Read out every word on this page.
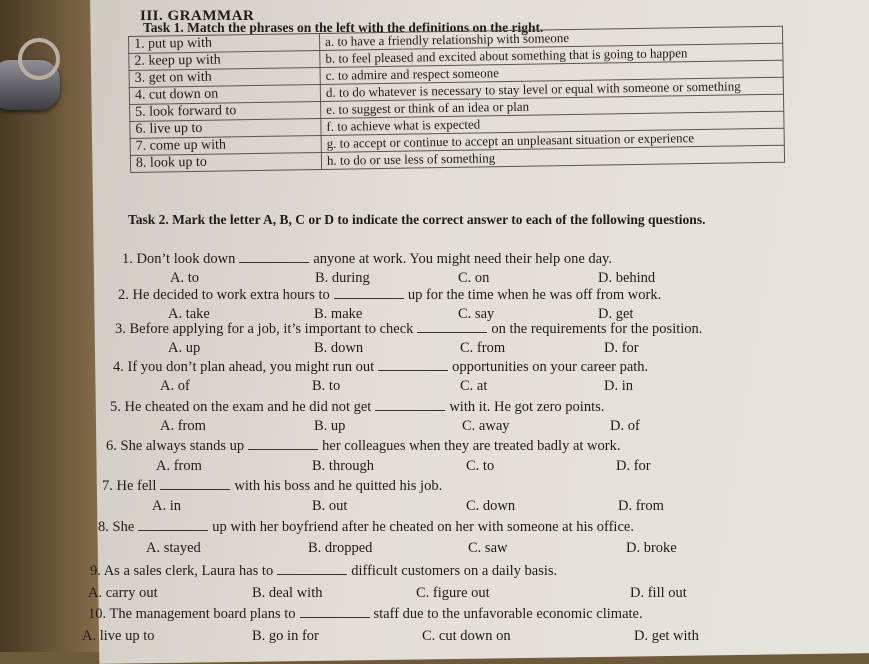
III. GRAMMAR
Task 1. Match the phrases on the left with the definitions on the right.
1. put up with	a. to have a friendly relationship with someone
2. keep up with	b. to feel pleased and excited about something that is going to happen
3. get on with	c. to admire and respect someone
4. cut down on	d. to do whatever is necessary to stay level or equal with someone or something
5. look forward to	e. to suggest or think of an idea or plan
6. live up to	f. to achieve what is expected
7. come up with	g. to accept or continue to accept an unpleasant situation or experience
8. look up to	h. to do or use less of something
Task 2. Mark the letter A, B, C or D to indicate the correct answer to each of the following questions.
1. Don’t look down	anyone at work. You might need their help one day.
A. to	B. during	C. on	D. behind
2. He decided to work extra hours to	up for the time when he was off from work.
A. take	B. make	C. say	D. get
3. Before applying for a job, it’s important to check	on the requirements for the position.
A. up	B. down	C. from	D. for
4. If you don’t plan ahead, you might run out	opportunities on your career path.
A. of	B. to	C. at	D. in
5. He cheated on the exam and he did not get	with it. He got zero points.
A. from	B. up	C. away	D. of
6. She always stands up	her colleagues when they are treated badly at work.
A. from	B. through	C. to	D. for
7. He fell	with his boss and he quitted his job.
A. in	B. out	C. down	D. from
8. She	up with her boyfriend after he cheated on her with someone at his office.
A. stayed	B. dropped	C. saw	D. broke
9. As a sales clerk, Laura has to	difficult customers on a daily basis.
A. carry out	B. deal with	C. figure out	D. fill out
10. The management board plans to	staff due to the unfavorable economic climate.
A. live up to	B. go in for	C. cut down on	D. get with
